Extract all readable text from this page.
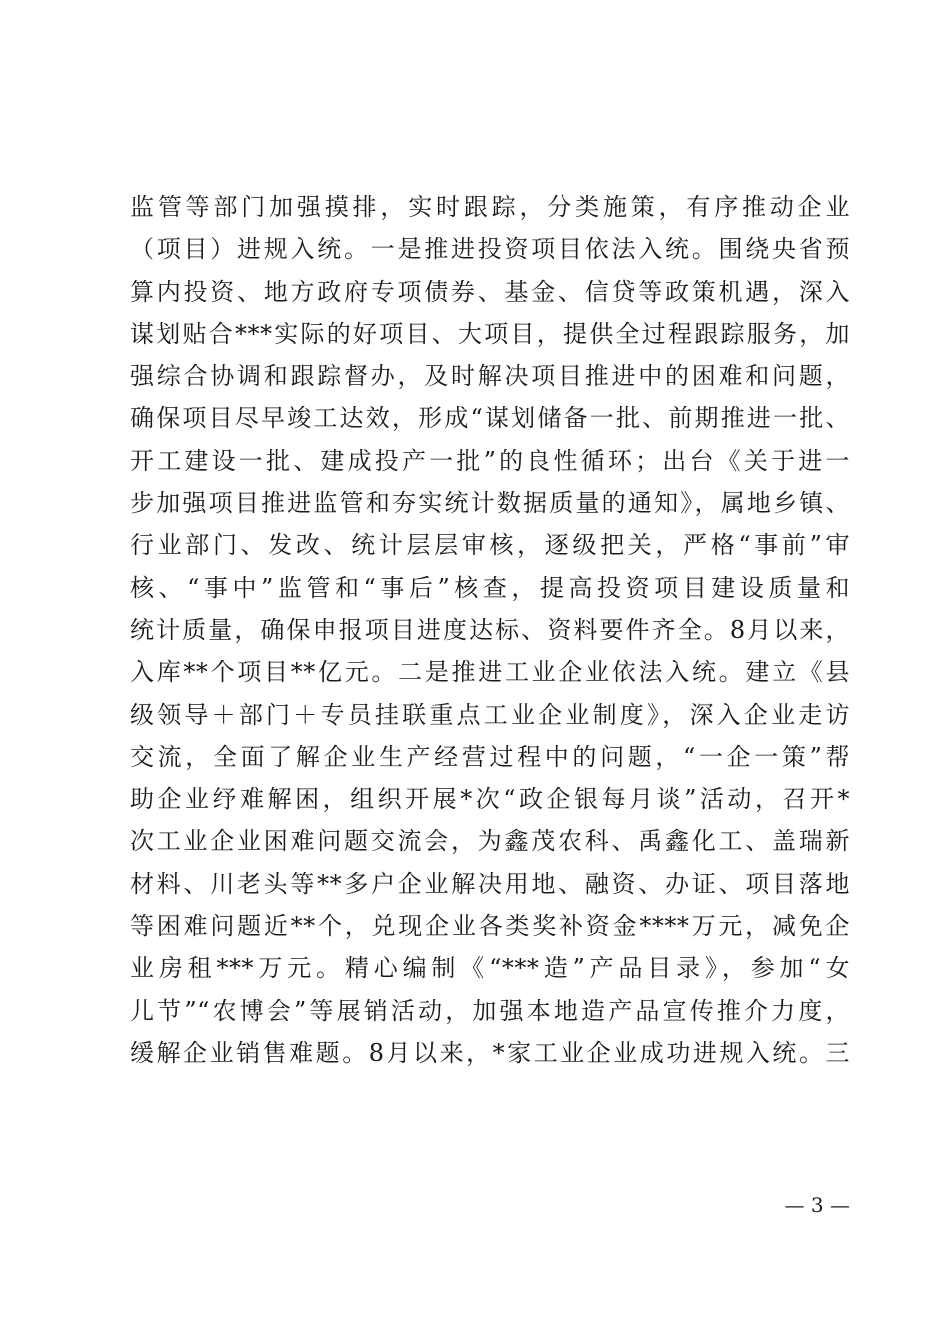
监管等部门加强摸排，实时跟踪，分类施策，有序推动企业
（项目）进规入统。一是推进投资项目依法入统。围绕央省预
算内投资、地方政府专项债券、基金、信贷等政策机遇，深入
谋划贴合***实际的好项目、大项目，提供全过程跟踪服务，加
强综合协调和跟踪督办，及时解决项目推进中的困难和问题，
确保项目尽早竣工达效，形成“谋划储备一批、前期推进一批、
开工建设一批、建成投产一批”的良性循环；出台《关于进一
步加强项目推进监管和夯实统计数据质量的通知》，属地乡镇、
行业部门、发改、统计层层审核，逐级把关，严格“事前”审
核、“事中”监管和“事后”核查，提高投资项目建设质量和
统计质量，确保申报项目进度达标、资料要件齐全。8月以来，
入库**个项目**亿元。二是推进工业企业依法入统。建立《县
级领导＋部门＋专员挂联重点工业企业制度》，深入企业走访
交流，全面了解企业生产经营过程中的问题，“一企一策”帮
助企业纾难解困，组织开展*次“政企银每月谈”活动，召开*
次工业企业困难问题交流会，为鑫茂农科、禹鑫化工、盖瑞新
材料、川老头等**多户企业解决用地、融资、办证、项目落地
等困难问题近**个，兑现企业各类奖补资金****万元，减免企
业房租***万元。精心编制《“***造”产品目录》，参加“女
儿节”“农博会”等展销活动，加强本地造产品宣传推介力度，
缓解企业销售难题。8月以来，*家工业企业成功进规入统。三
— 3 —
